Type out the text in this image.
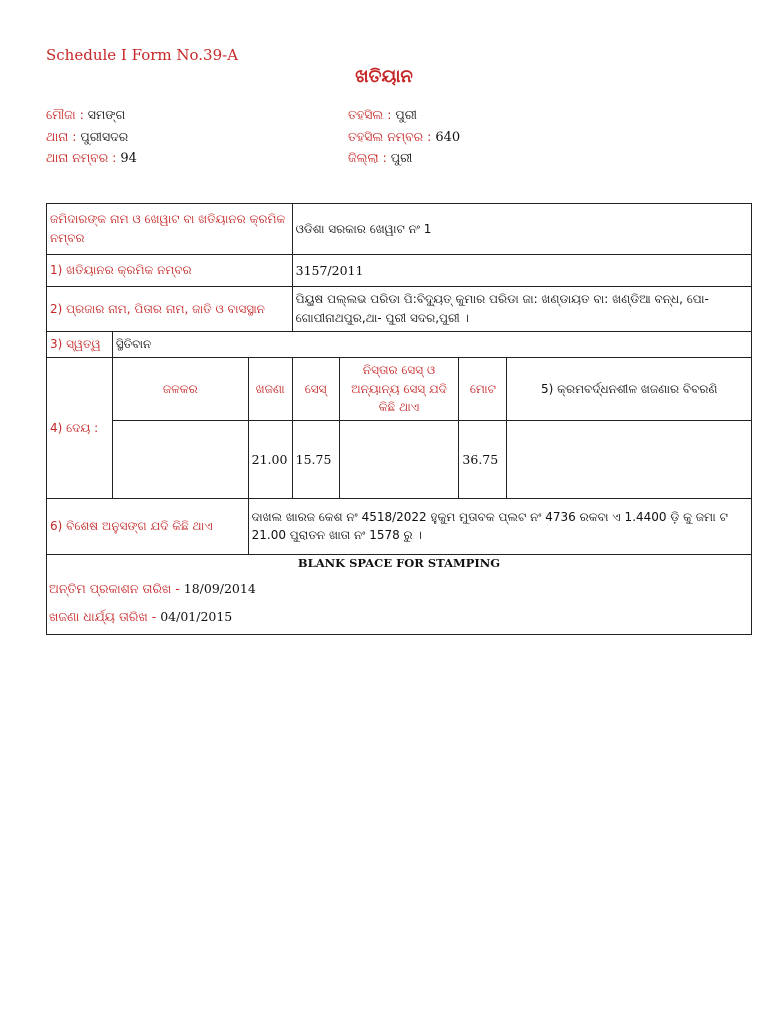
Schedule I Form No.39-A
ଖତିୟାନ
ମୌଜା : ସମଙ୍ଗ
ଥାନା : ପୁରୀସଦର
ଥାନା ନମ୍ବର : 94
ତହସିଲ : ପୁରୀ
ତହସିଲ ନମ୍ବର : 640
ଜିଲ୍ଲା : ପୁରୀ
ଜମିଦାରଙ୍କ ନାମ ଓ ଖେୱାଟ ବା ଖତିୟାନର କ୍ରମିକ ନମ୍ବର			ଓଡିଶା ସରକାର ଖେୱାଟ ନଂ 1			
1) ଖତିୟାନର କ୍ରମିକ ନମ୍ବର			3157/2011			
2) ପ୍ରଜାର ନାମ, ପିତାର ନାମ, ଜାତି ଓ ବାସସ୍ଥାନ			ପିୟୁଷ ପଲ୍ଲଭ ପରିଡା ପି:ବିଦ୍ୟୁତ୍ କୁମାର ପରିଡା ଜା: ଖଣ୍ଡାୟତ ବା: ଖଣ୍ଡିଆ ବନ୍ଧ, ପୋ-ଗୋପୀନାଥପୁର,ଥା- ପୁରୀ ସଦର,ପୁରୀ ।			
3) ସ୍ୱତ୍ୱ	ସ୍ଥିତିବାନ					
4) ଦେୟ :	ଜଳକର	ଖଜଣା	ସେସ୍	ନିସ୍ତାର ସେସ୍ ଓ ଅନ୍ୟାନ୍ୟ ସେସ୍ ଯଦି କିଛି ଥାଏ	ମୋଟ	5) କ୍ରମବର୍ଦ୍ଧନଶୀଳ ଖଜଣାର ବିବରଣି
		21.00	15.75		36.75	
6) ବିଶେଷ ଅନୁସଙ୍ଗ ଯଦି କିଛି ଥାଏ		ଦାଖଲ ଖାରଜ କେଶ ନଂ 4518/2022 ହୁକୁମ ମୁତାବକ ପ୍ଲଟ ନଂ 4736 ରକବା ଏ 1.4400 ଡ଼ି କୁ ଜମା ଟ 21.00 ପୁରାତନ ଖାତା ନଂ 1578 ରୁ ।				

BLANK SPACE FOR STAMPING
ଅନ୍ତିମ ପ୍ରକାଶନ ତାରିଖ - 18/09/2014
ଖଜଣା ଧାର୍ଯ୍ୟ ତାରିଖ - 04/01/2015						
